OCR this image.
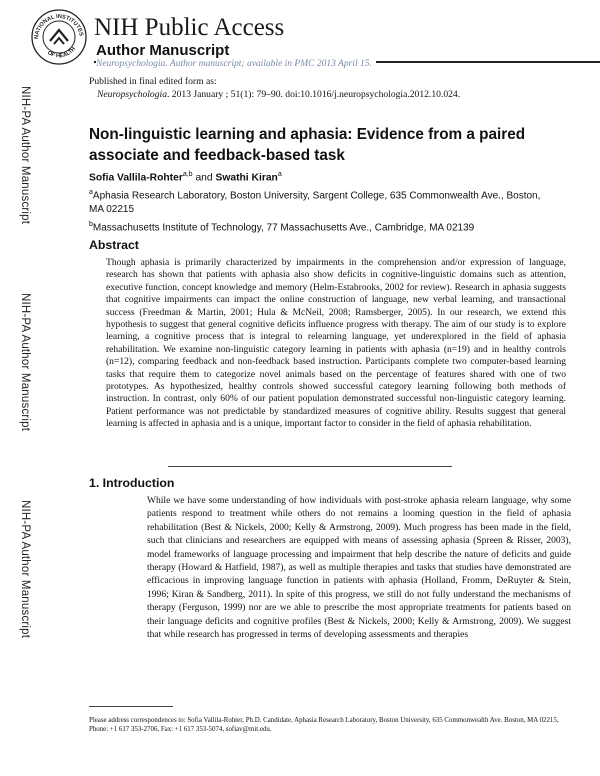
NATIONAL INSTITUTES
OF HEALTH
NIH Public Access
Author Manuscript
Neuropsychologia. Author manuscript; available in PMC 2013 April 15.
Published in final edited form as:
Neuropsychologia. 2013 January ; 51(1): 79–90. doi:10.1016/j.neuropsychologia.2012.10.024.
NIH-PA Author Manuscript
NIH-PA Author Manuscript
NIH-PA Author Manuscript
Non-linguistic learning and aphasia: Evidence from a paired associate and feedback-based task
Sofia Vallila-Rohter$^{a,b}$ and Swathi Kiran$^a$
$^a$Aphasia Research Laboratory, Boston University, Sargent College, 635 Commonwealth Ave., Boston, MA 02215
$^b$Massachusetts Institute of Technology, 77 Massachusetts Ave., Cambridge, MA 02139
Abstract
Though aphasia is primarily characterized by impairments in the comprehension and/or expression of language, research has shown that patients with aphasia also show deficits in cognitive-linguistic domains such as attention, executive function, concept knowledge and memory (Helm-Estabrooks, 2002 for review). Research in aphasia suggests that cognitive impairments can impact the online construction of language, new verbal learning, and transactional success (Freedman & Martin, 2001; Hula & McNeil, 2008; Ramsberger, 2005). In our research, we extend this hypothesis to suggest that general cognitive deficits influence progress with therapy. The aim of our study is to explore learning, a cognitive process that is integral to relearning language, yet underexplored in the field of aphasia rehabilitation. We examine non-linguistic category learning in patients with aphasia (n=19) and in healthy controls (n=12), comparing feedback and non-feedback based instruction. Participants complete two computer-based learning tasks that require them to categorize novel animals based on the percentage of features shared with one of two prototypes. As hypothesized, healthy controls showed successful category learning following both methods of instruction. In contrast, only 60% of our patient population demonstrated successful non-linguistic category learning. Patient performance was not predictable by standardized measures of cognitive ability. Results suggest that general learning is affected in aphasia and is a unique, important factor to consider in the field of aphasia rehabilitation.
1. Introduction
While we have some understanding of how individuals with post-stroke aphasia relearn language, why some patients respond to treatment while others do not remains a looming question in the field of aphasia rehabilitation (Best & Nickels, 2000; Kelly & Armstrong, 2009). Much progress has been made in the field, such that clinicians and researchers are equipped with means of assessing aphasia (Spreen & Risser, 2003), model frameworks of language processing and impairment that help describe the nature of deficits and guide therapy (Howard & Hatfield, 1987), as well as multiple therapies and tasks that studies have demonstrated are efficacious in improving language function in patients with aphasia (Holland, Fromm, DeRuyter & Stein, 1996; Kiran & Sandberg, 2011). In spite of this progress, we still do not fully understand the mechanisms of therapy (Ferguson, 1999) nor are we able to prescribe the most appropriate treatments for patients based on their language deficits and cognitive profiles (Best & Nickels, 2000; Kelly & Armstrong, 2009). We suggest that while research has progressed in terms of developing assessments and therapies
Please address correspondences to: Sofia Vallila-Rohter, Ph.D. Candidate, Aphasia Research Laboratory, Boston University, 635 Commonwealth Ave. Boston, MA 02215, Phone: +1 617 353-2706, Fax: +1 617 353-5074, sofiav@mit.edu.
